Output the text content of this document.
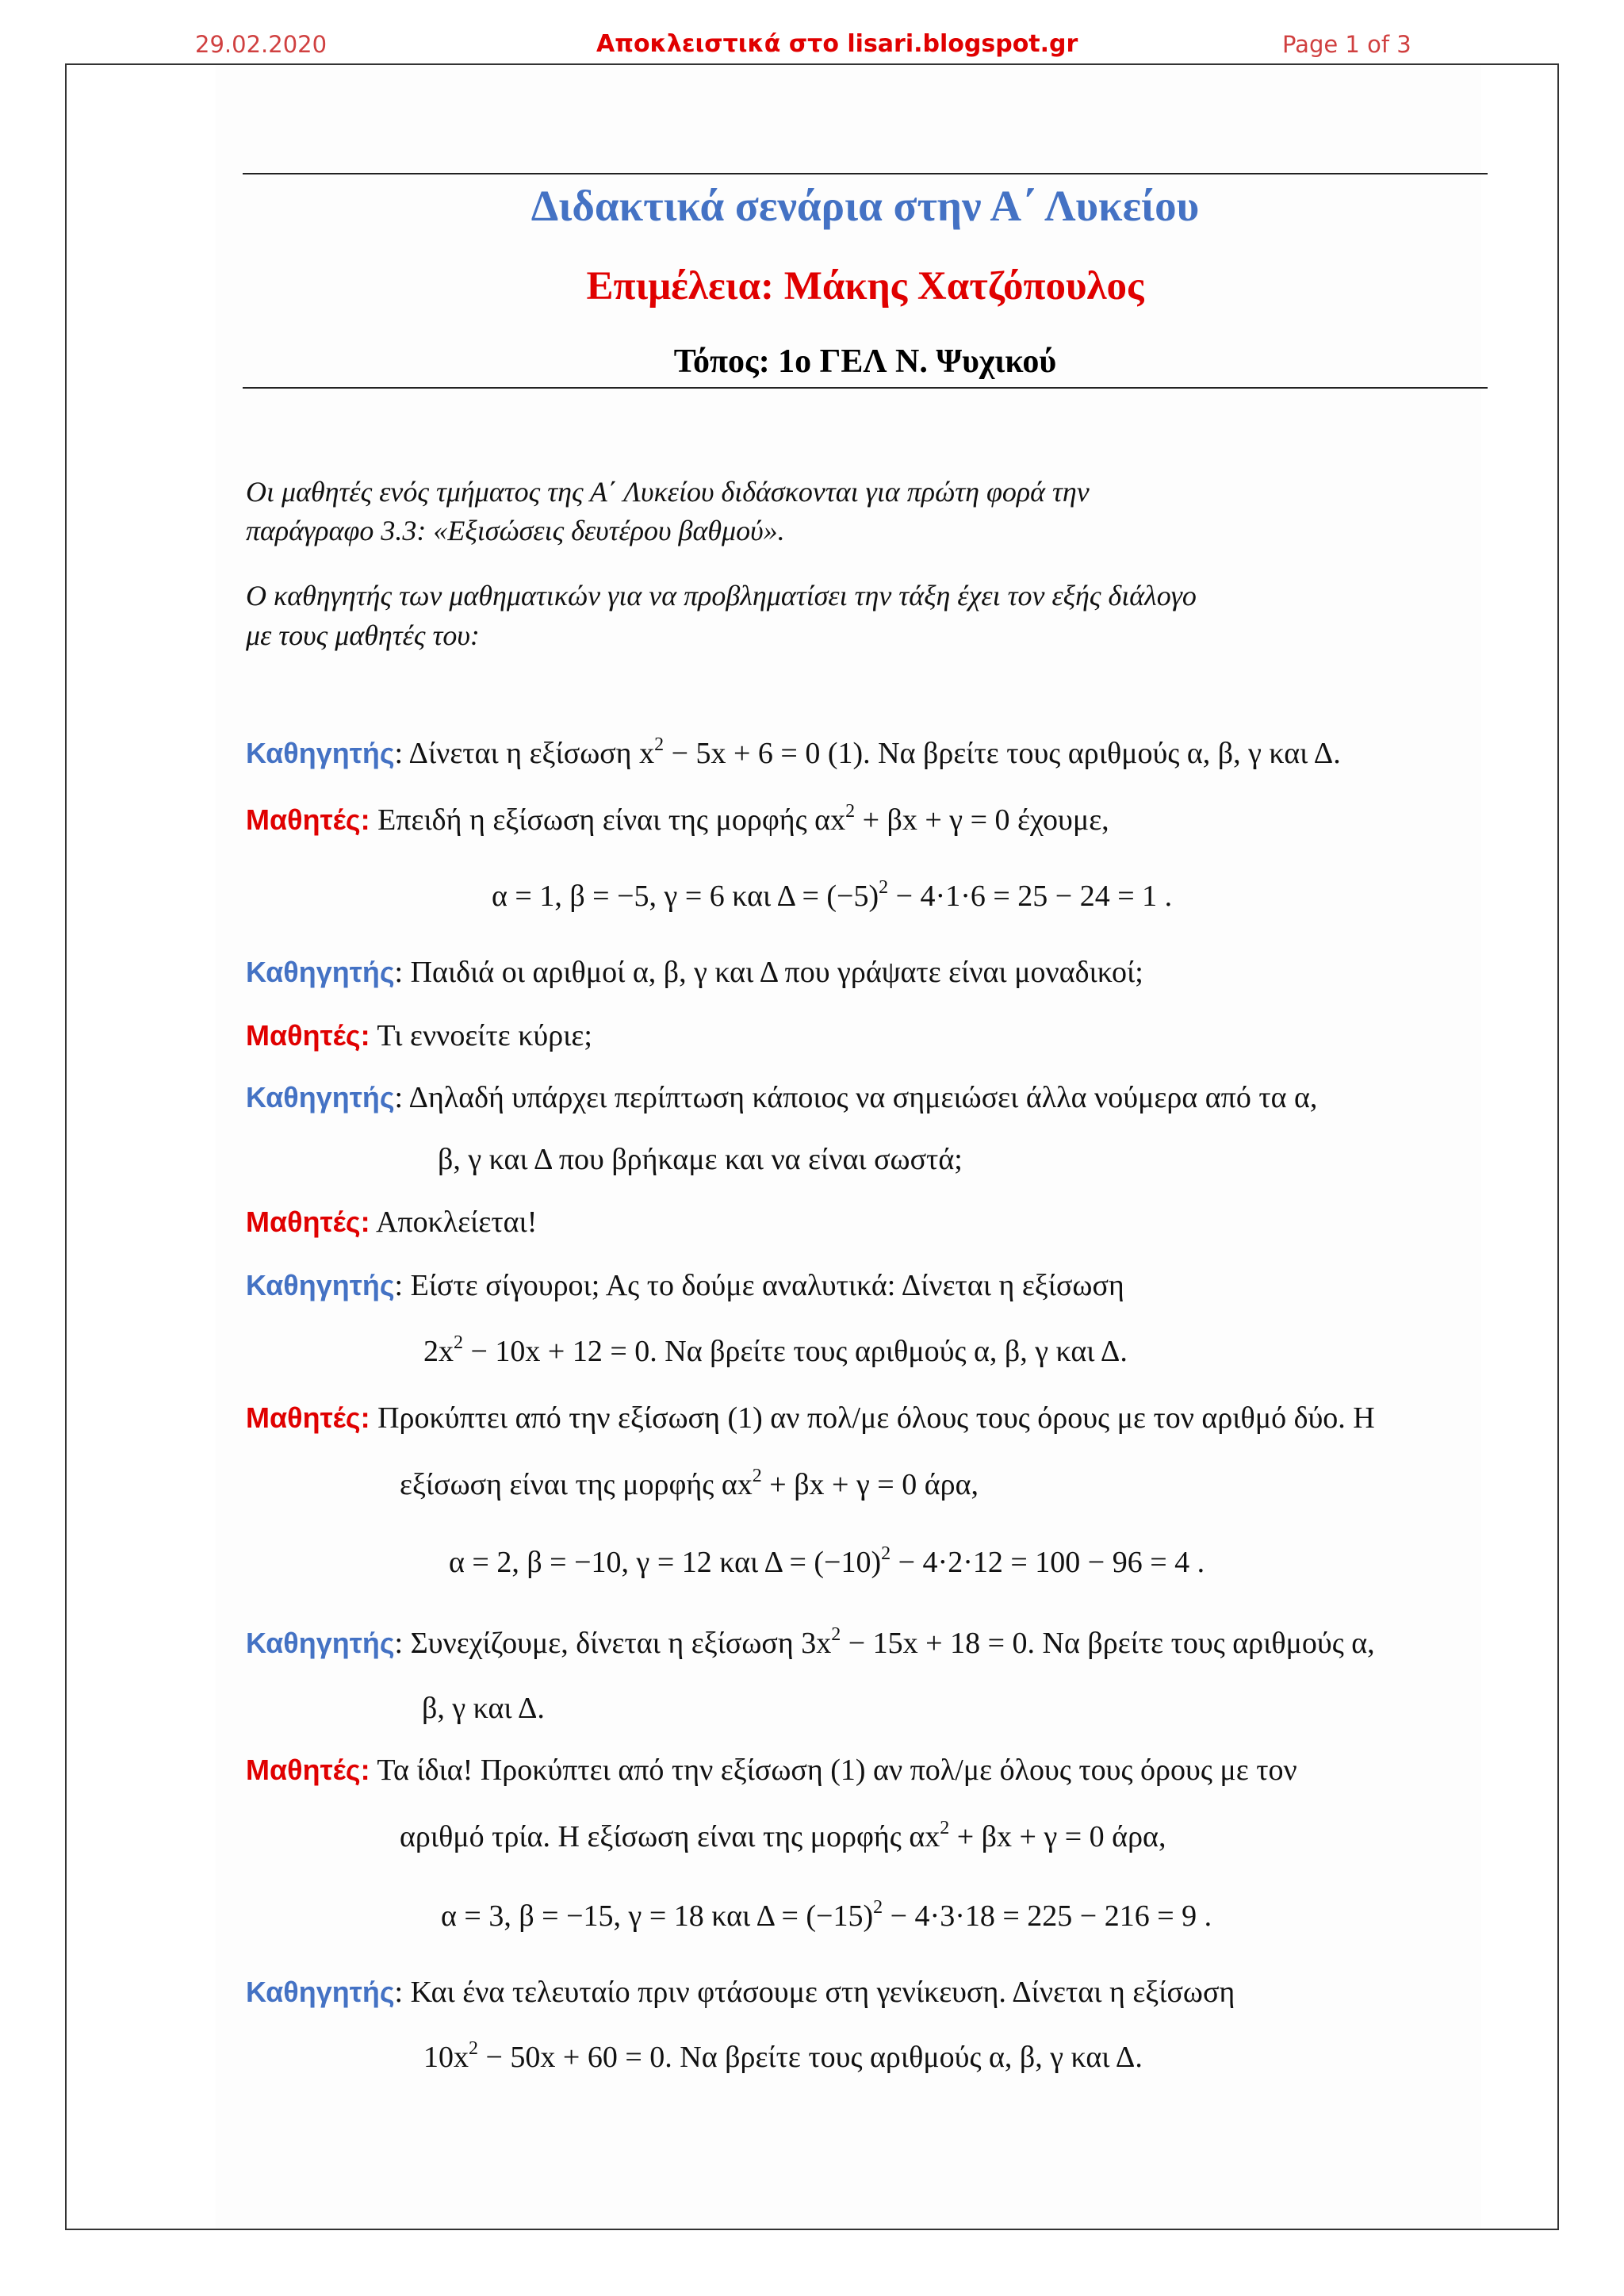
29.02.2020	Αποκλειστικά στο lisari.blogspot.gr	Page 1 of 3
Διδακτικά σενάρια στην Α΄ Λυκείου
Επιμέλεια: Μάκης Χατζόπουλος
Τόπος: 1ο ΓΕΛ Ν. Ψυχικού
Οι μαθητές ενός τμήματος της Α΄ Λυκείου διδάσκονται για πρώτη φορά την
παράγραφο 3.3: «Εξισώσεις δευτέρου βαθμού».
Ο καθηγητής των μαθηματικών για να προβληματίσει την τάξη έχει τον εξής διάλογο
με τους μαθητές του:
Καθηγητής: Δίνεται η εξίσωση $x^2 - 5x + 6 = 0$ (1). Να βρείτε τους αριθμούς α, β, γ και Δ.
Μαθητές: Επειδή η εξίσωση είναι της μορφής $\alpha x^2 + \beta x + \gamma = 0$ έχουμε,
α = 1, β = −5, γ = 6 και $\Delta = (-5)^2 - 4\cdot 1\cdot 6 = 25 - 24 = 1$ .
Καθηγητής: Παιδιά οι αριθμοί α, β, γ και Δ που γράψατε είναι μοναδικοί;
Μαθητές: Τι εννοείτε κύριε;
Καθηγητής: Δηλαδή υπάρχει περίπτωση κάποιος να σημειώσει άλλα νούμερα από τα α,
β, γ και Δ που βρήκαμε και να είναι σωστά;
Μαθητές: Αποκλείεται!
Καθηγητής: Είστε σίγουροι; Ας το δούμε αναλυτικά: Δίνεται η εξίσωση
$2x^2 - 10x + 12 = 0$. Να βρείτε τους αριθμούς α, β, γ και Δ.
Μαθητές: Προκύπτει από την εξίσωση (1) αν πολ/με όλους τους όρους με τον αριθμό δύο. Η
εξίσωση είναι της μορφής $\alpha x^2 + \beta x + \gamma = 0$ άρα,
α = 2, β = −10, γ = 12 και $\Delta = (-10)^2 - 4\cdot 2\cdot 12 = 100 - 96 = 4$ .
Καθηγητής: Συνεχίζουμε, δίνεται η εξίσωση $3x^2 - 15x + 18 = 0$. Να βρείτε τους αριθμούς α,
β, γ και Δ.
Μαθητές: Τα ίδια! Προκύπτει από την εξίσωση (1) αν πολ/με όλους τους όρους με τον
αριθμό τρία. Η εξίσωση είναι της μορφής $\alpha x^2 + \beta x + \gamma = 0$ άρα,
α = 3, β = −15, γ = 18 και $\Delta = (-15)^2 - 4\cdot 3\cdot 18 = 225 - 216 = 9$ .
Καθηγητής: Και ένα τελευταίο πριν φτάσουμε στη γενίκευση. Δίνεται η εξίσωση
$10x^2 - 50x + 60 = 0$. Να βρείτε τους αριθμούς α, β, γ και Δ.
